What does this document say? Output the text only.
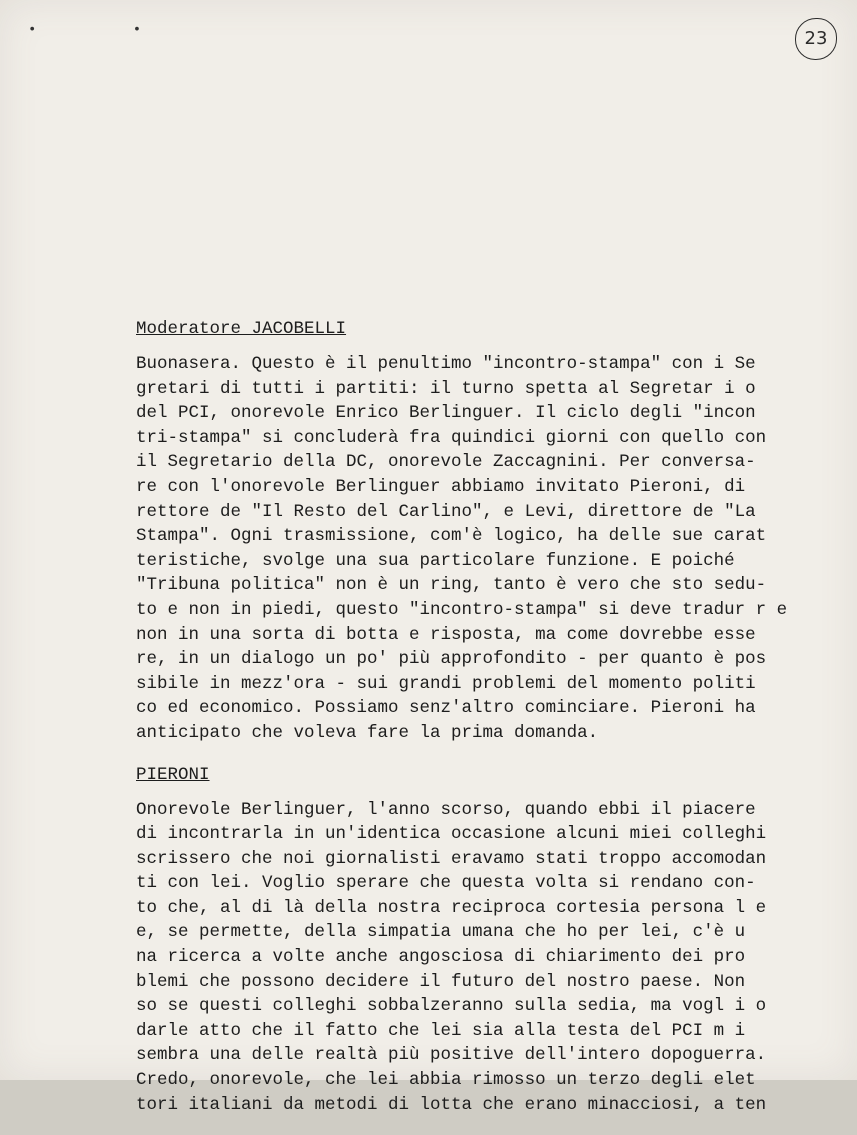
• •	23
Moderatore JACOBELLI
Buonasera. Questo è il penultimo "incontro-stampa" con i Se
gretari di tutti i partiti: il turno spetta al Segretar i o
del PCI, onorevole Enrico Berlinguer. Il ciclo degli "incon
tri-stampa" si concluderà fra quindici giorni con quello con
il Segretario della DC, onorevole Zaccagnini. Per conversa-
re con l'onorevole Berlinguer abbiamo invitato Pieroni, di
rettore de "Il Resto del Carlino", e Levi, direttore de "La
Stampa". Ogni trasmissione, com'è logico, ha delle sue carat
teristiche, svolge una sua particolare funzione. E poiché
"Tribuna politica" non è un ring, tanto è vero che sto sedu-
to e non in piedi, questo "incontro-stampa" si deve tradur r e
non in una sorta di botta e risposta, ma come dovrebbe esse
re, in un dialogo un po' più approfondito - per quanto è pos
sibile in mezz'ora - sui grandi problemi del momento politi
co ed economico. Possiamo senz'altro cominciare. Pieroni ha
anticipato che voleva fare la prima domanda.
PIERONI
Onorevole Berlinguer, l'anno scorso, quando ebbi il piacere
di incontrarla in un'identica occasione alcuni miei colleghi
scrissero che noi giornalisti eravamo stati troppo accomodan
ti con lei. Voglio sperare che questa volta si rendano con-
to che, al di là della nostra reciproca cortesia persona l e
e, se permette, della simpatia umana che ho per lei, c'è u
na ricerca a volte anche angosciosa di chiarimento dei pro
blemi che possono decidere il futuro del nostro paese. Non
so se questi colleghi sobbalzeranno sulla sedia, ma vogl i o
darle atto che il fatto che lei sia alla testa del PCI m i
sembra una delle realtà più positive dell'intero dopoguerra.
Credo, onorevole, che lei abbia rimosso un terzo degli elet
tori italiani da metodi di lotta che erano minacciosi, a ten
